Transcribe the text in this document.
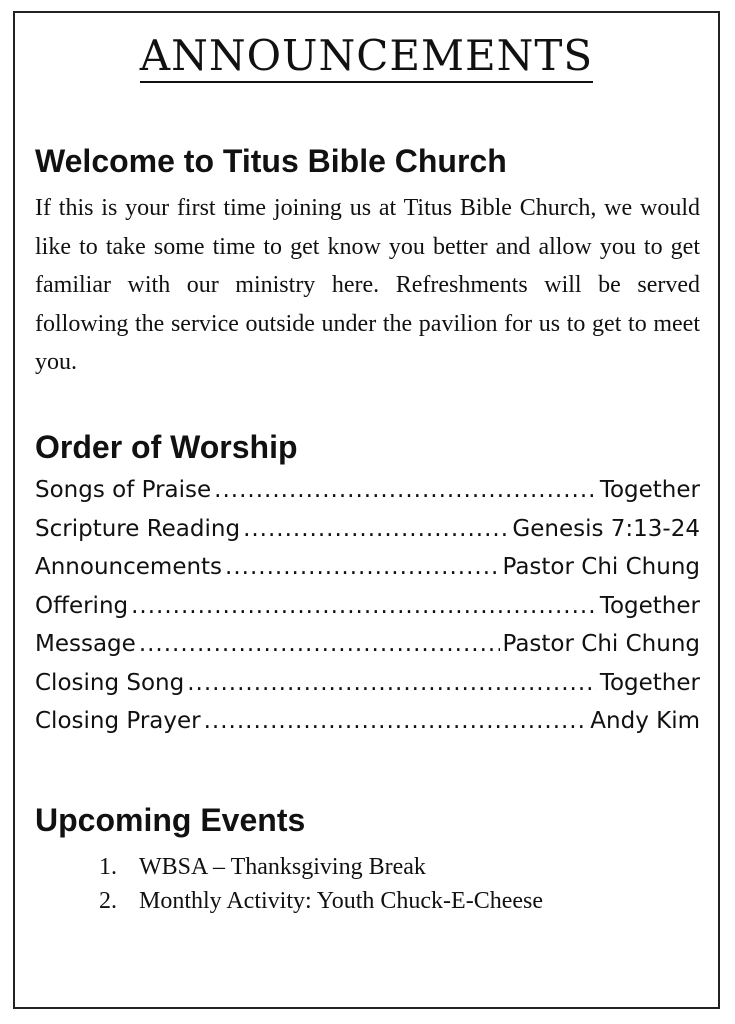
ANNOUNCEMENTS
Welcome to Titus Bible Church

If this is your first time joining us at Titus Bible Church, we would like to take some time to get know you better and allow you to get familiar with our ministry here. Refreshments will be served following the service outside under the pavilion for us to get to meet you.

Order of Worship
Songs of Praise .....	Together
Scripture Reading .....	Genesis 7:13-24
Announcements .....	Pastor Chi Chung
Offering .....	Together
Message .....	Pastor Chi Chung
Closing Song .....	Together
Closing Prayer .....	Andy Kim
Upcoming Events
1. WBSA – Thanksgiving Break
2. Monthly Activity: Youth Chuck-E-Cheese
